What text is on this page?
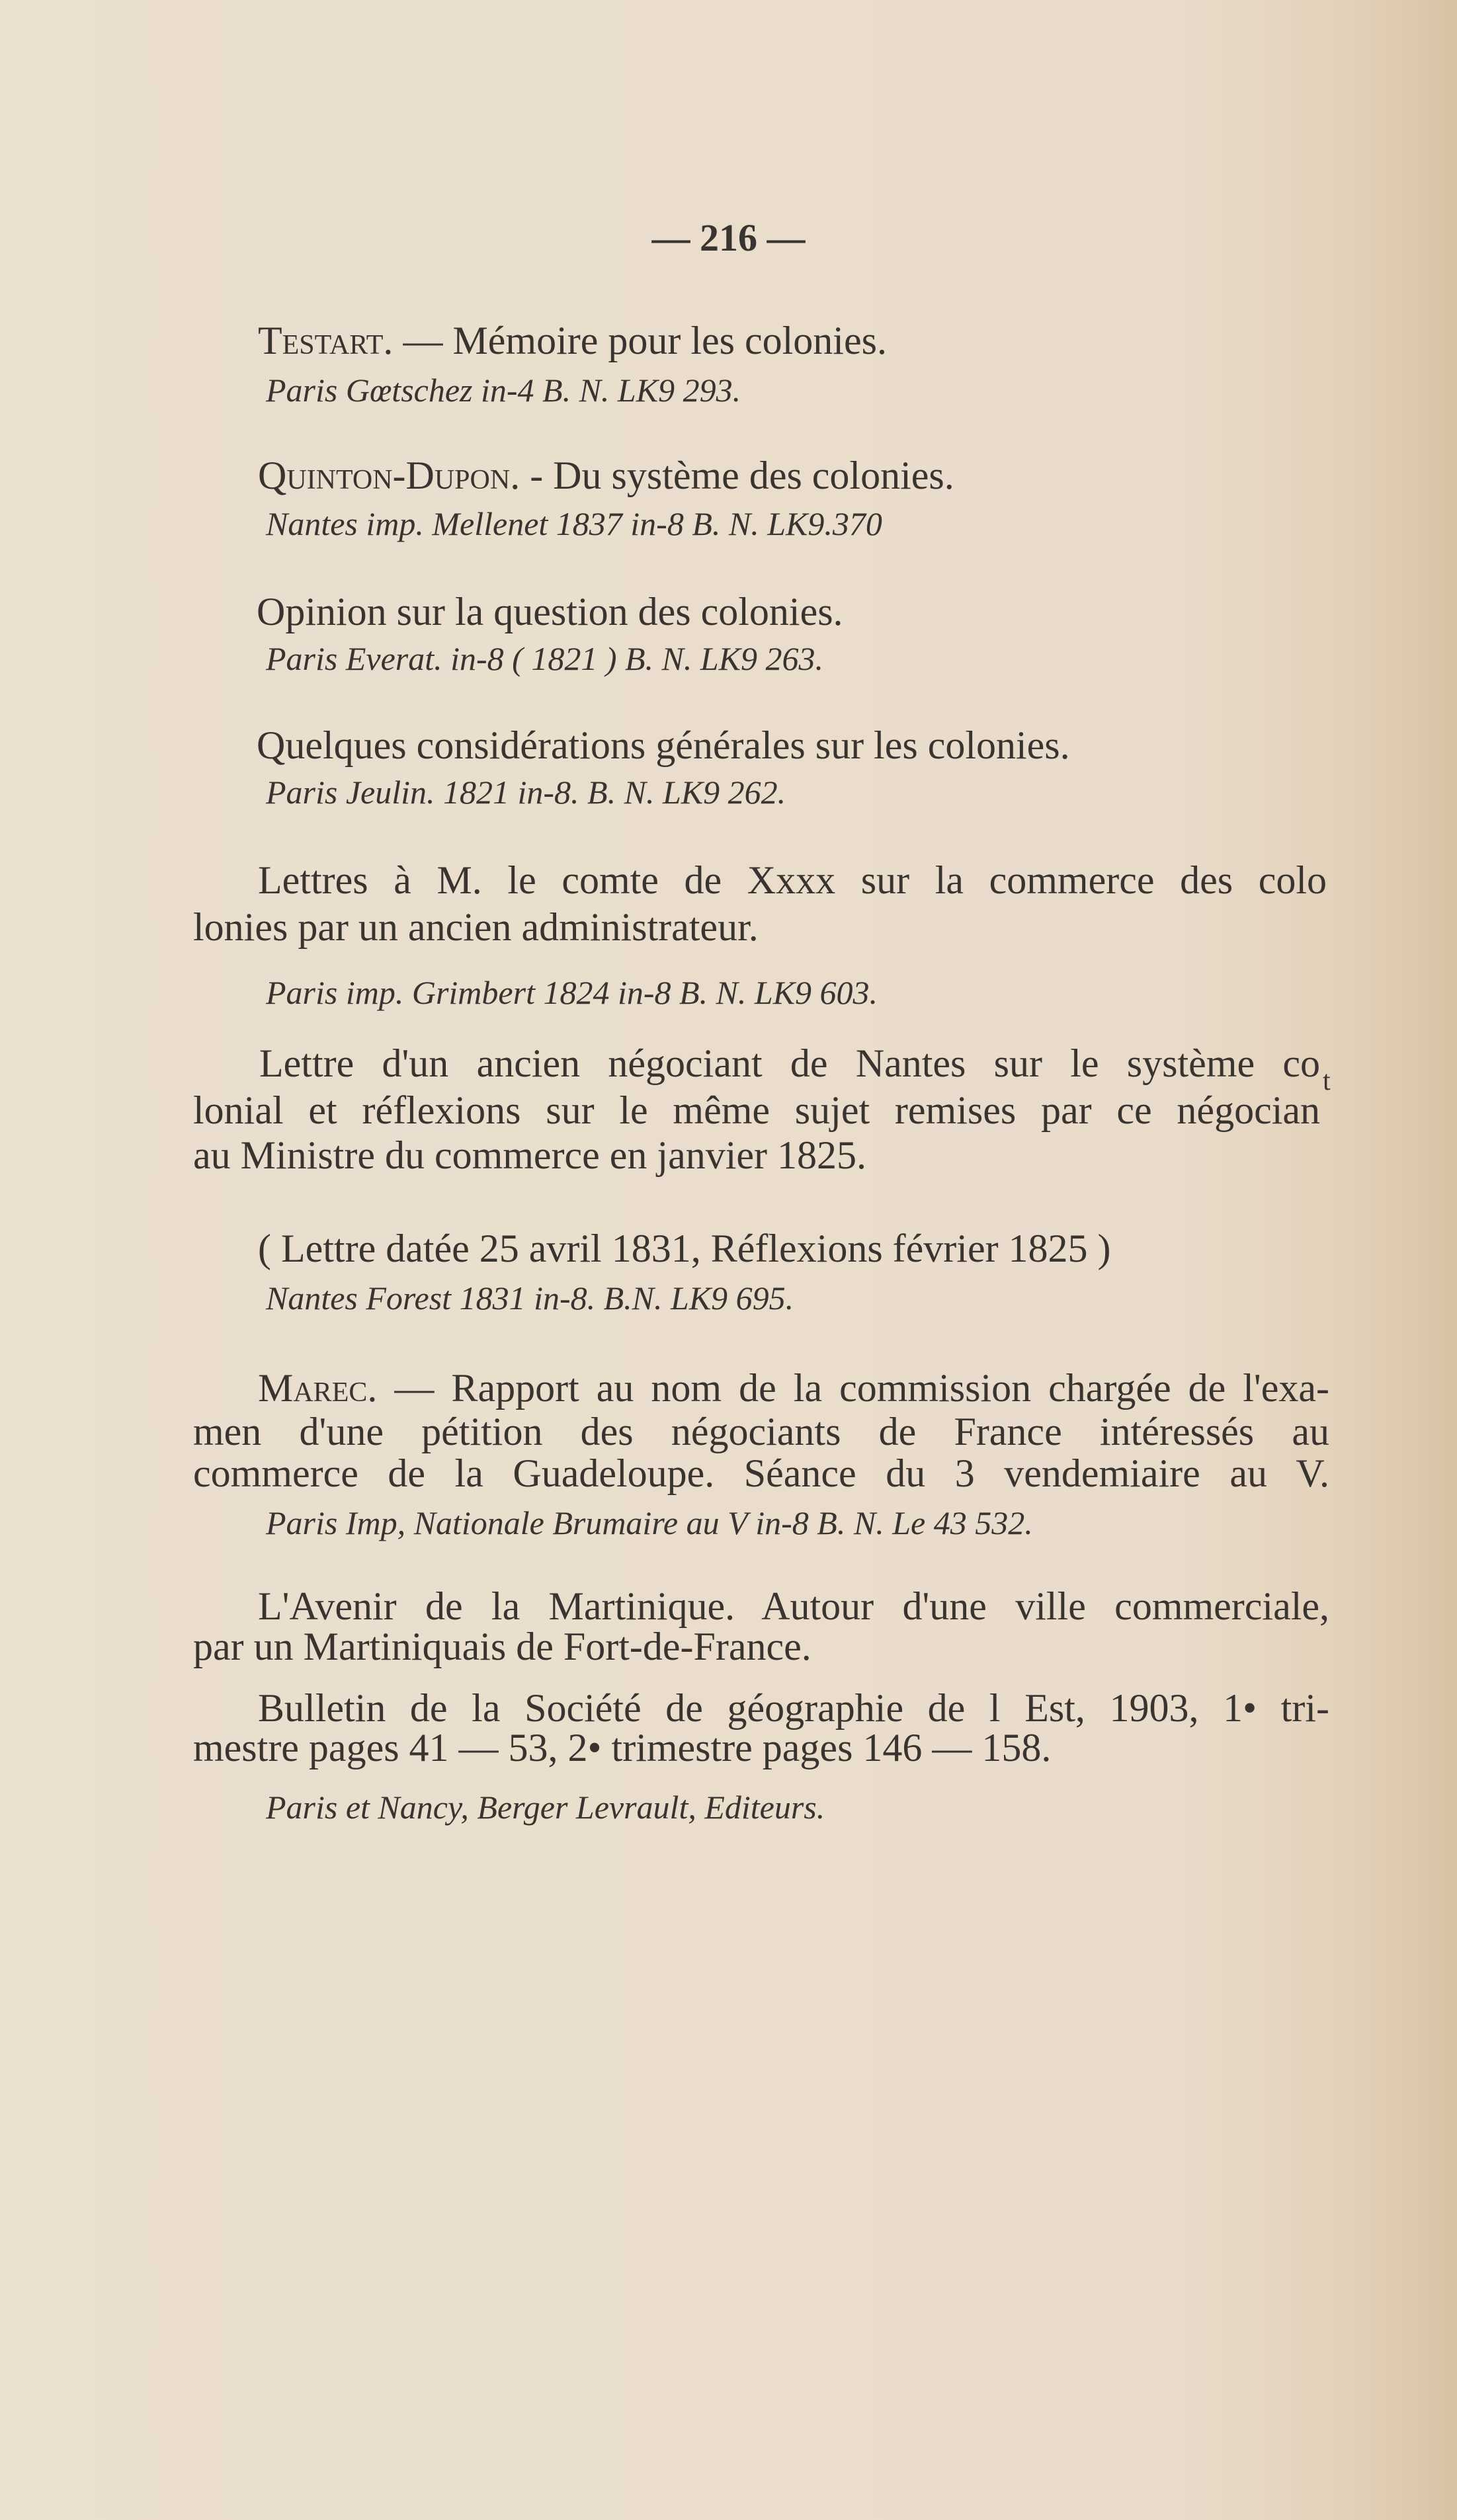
— 216 —
Testart. — Mémoire pour les colonies.
Paris Gœtschez in-4 B. N. LK9 293.
Quinton-Dupon. - Du système des colonies.
Nantes imp. Mellenet 1837 in-8 B. N. LK9.370
Opinion sur la question des colonies.
Paris Everat. in-8 ( 1821 ) B. N. LK9 263.
Quelques considérations générales sur les colonies.
Paris Jeulin. 1821 in-8. B. N. LK9 262.
Lettres à M. le comte de Xxxx sur la commerce des colo
lonies par un ancien administrateur.
Paris imp. Grimbert 1824 in-8 B. N. LK9 603.
Lettre d'un ancien négociant de Nantes sur le système co
lonial et réflexions sur le même sujet remises par ce négocian
t
au Ministre du commerce en janvier 1825.
( Lettre datée 25 avril 1831, Réflexions février 1825 )
Nantes Forest 1831 in-8. B.N. LK9 695.
Marec. — Rapport au nom de la commission chargée de l'exa-
men d'une pétition des négociants de France intéressés au
commerce de la Guadeloupe. Séance du 3 vendemiaire au V.
Paris Imp, Nationale Brumaire au V in-8 B. N. Le 43 532.
L'Avenir de la Martinique. Autour d'une ville commerciale,
par un Martiniquais de Fort-de-France.
Bulletin de la Société de géographie de l Est, 1903, 1• tri-
mestre pages 41 — 53, 2• trimestre pages 146 — 158.
Paris et Nancy, Berger Levrault, Editeurs.
